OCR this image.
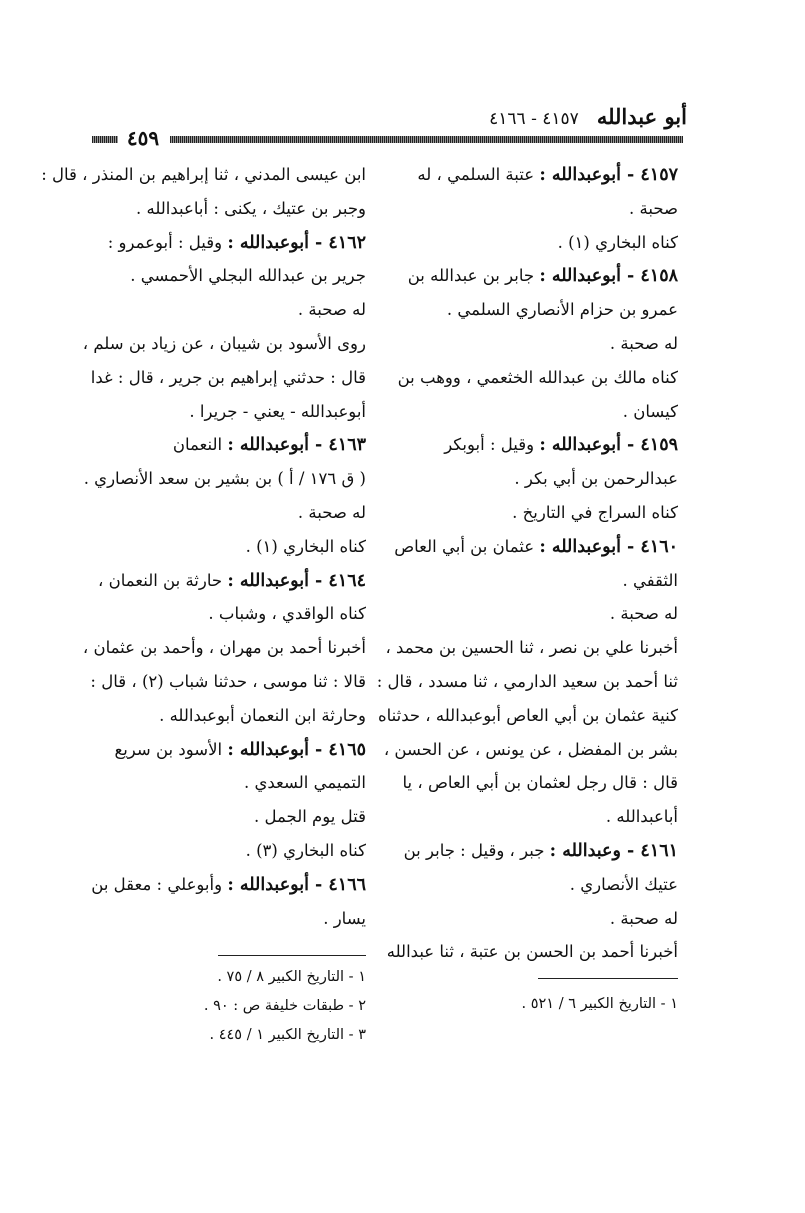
أبو عبدالله ٤١٥٧ - ٤١٦٦
٤٥٩
٤١٥٧ - أبوعبدالله : عتبة السلمي ، له
صحبة .
كناه البخاري (١) .
٤١٥٨ - أبوعبدالله : جابر بن عبدالله بن
عمرو بن حزام الأنصاري السلمي .
له صحبة .
كناه مالك بن عبدالله الخثعمي ، ووهب بن
كيسان .
٤١٥٩ - أبوعبدالله : وقيل : أبوبكر
عبدالرحمن بن أبي بكر .
كناه السراج في التاريخ .
٤١٦٠ - أبوعبدالله : عثمان بن أبي العاص
الثقفي .
له صحبة .
أخبرنا علي بن نصر ، ثنا الحسين بن محمد ،
ثنا أحمد بن سعيد الدارمي ، ثنا مسدد ، قال :
كنية عثمان بن أبي العاص أبوعبدالله ، حدثناه
بشر بن المفضل ، عن يونس ، عن الحسن ،
قال : قال رجل لعثمان بن أبي العاص ، يا
أباعبدالله .
٤١٦١ - وعبدالله : جبر ، وقيل : جابر بن
عتيك الأنصاري .
له صحبة .
أخبرنا أحمد بن الحسن بن عتبة ، ثنا عبدالله
ابن عيسى المدني ، ثنا إبراهيم بن المنذر ، قال :
وجبر بن عتيك ، يكنى : أباعبدالله .
٤١٦٢ - أبوعبدالله : وقيل : أبوعمرو :
جرير بن عبدالله البجلي الأحمسي .
له صحبة .
روى الأسود بن شيبان ، عن زياد بن سلم ،
قال : حدثني إبراهيم بن جرير ، قال : غدا
أبوعبدالله - يعني - جريرا .
٤١٦٣ - أبوعبدالله : النعمان
( ق ١٧٦ / أ ) بن بشير بن سعد الأنصاري .
له صحبة .
كناه البخاري (١) .
٤١٦٤ - أبوعبدالله : حارثة بن النعمان ،
كناه الواقدي ، وشباب .
أخبرنا أحمد بن مهران ، وأحمد بن عثمان ،
قالا : ثنا موسى ، حدثنا شباب (٢) ، قال :
وحارثة ابن النعمان أبوعبدالله .
٤١٦٥ - أبوعبدالله : الأسود بن سريع
التميمي السعدي .
قتل يوم الجمل .
كناه البخاري (٣) .
٤١٦٦ - أبوعبدالله : وأبوعلي : معقل بن
يسار .
١ - التاريخ الكبير ٦ / ٥٢١ .
١ - التاريخ الكبير ٨ / ٧٥ .
٢ - طبقات خليفة ص : ٩٠ .
٣ - التاريخ الكبير ١ / ٤٤٥ .
